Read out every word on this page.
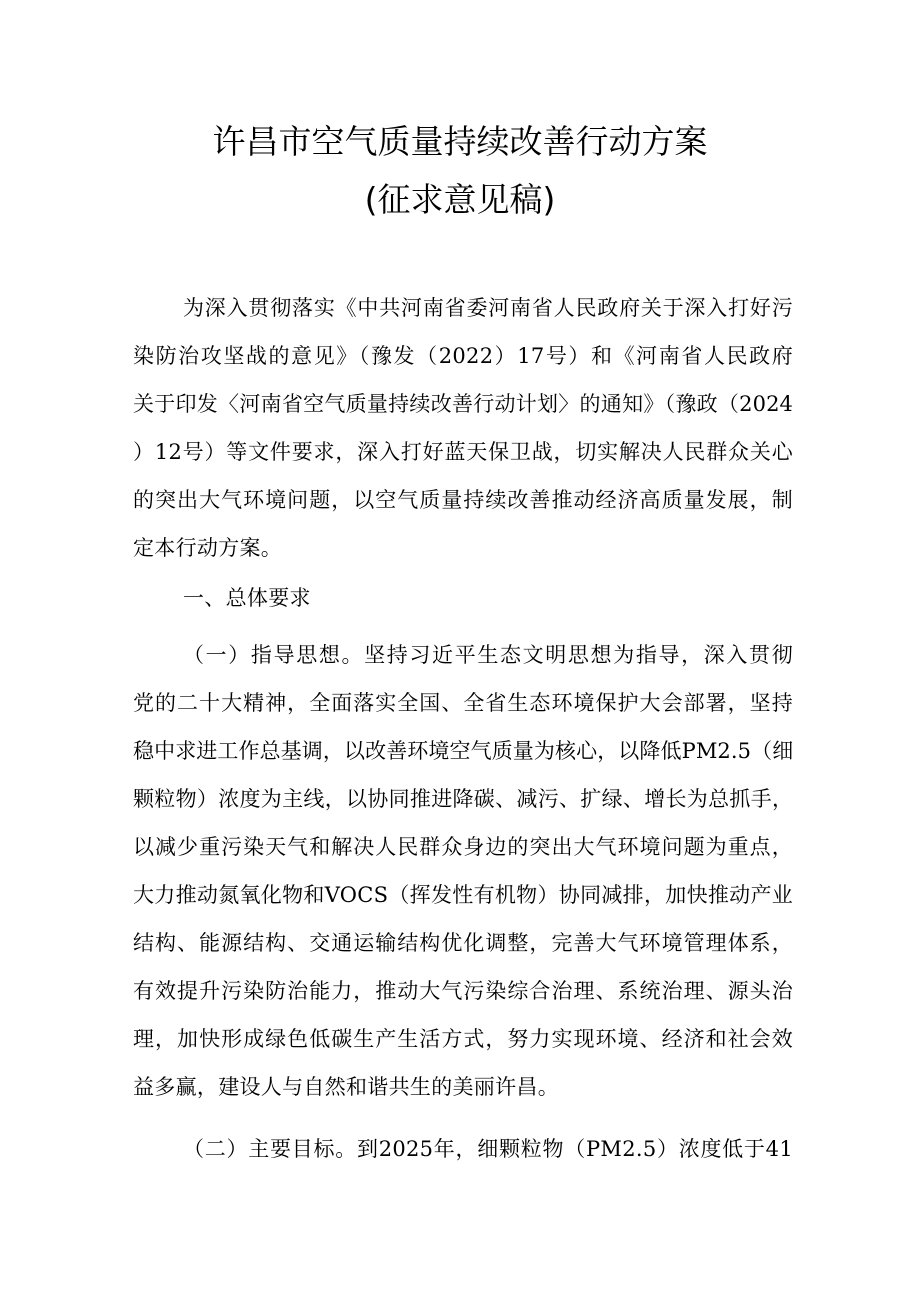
许昌市空气质量持续改善行动方案
(征求意见稿)
为深入贯彻落实《中共河南省委河南省人民政府关于深入打好污
染防治攻坚战的意见》（豫发（2022）17号）和《河南省人民政府
关于印发〈河南省空气质量持续改善行动计划〉的通知》（豫政（2024
）12号）等文件要求，深入打好蓝天保卫战，切实解决人民群众关心
的突出大气环境问题，以空气质量持续改善推动经济高质量发展，制
定本行动方案。
一、总体要求
（一）指导思想。坚持习近平生态文明思想为指导，深入贯彻
党的二十大精神，全面落实全国、全省生态环境保护大会部署，坚持
稳中求进工作总基调，以改善环境空气质量为核心，以降低PM2.5（细
颗粒物）浓度为主线，以协同推进降碳、减污、扩绿、增长为总抓手，
以减少重污染天气和解决人民群众身边的突出大气环境问题为重点，
大力推动氮氧化物和VOCS（挥发性有机物）协同减排，加快推动产业
结构、能源结构、交通运输结构优化调整，完善大气环境管理体系，
有效提升污染防治能力，推动大气污染综合治理、系统治理、源头治
理，加快形成绿色低碳生产生活方式，努力实现环境、经济和社会效
益多赢，建设人与自然和谐共生的美丽许昌。
（二）主要目标。到2025年，细颗粒物（PM2.5）浓度低于41
